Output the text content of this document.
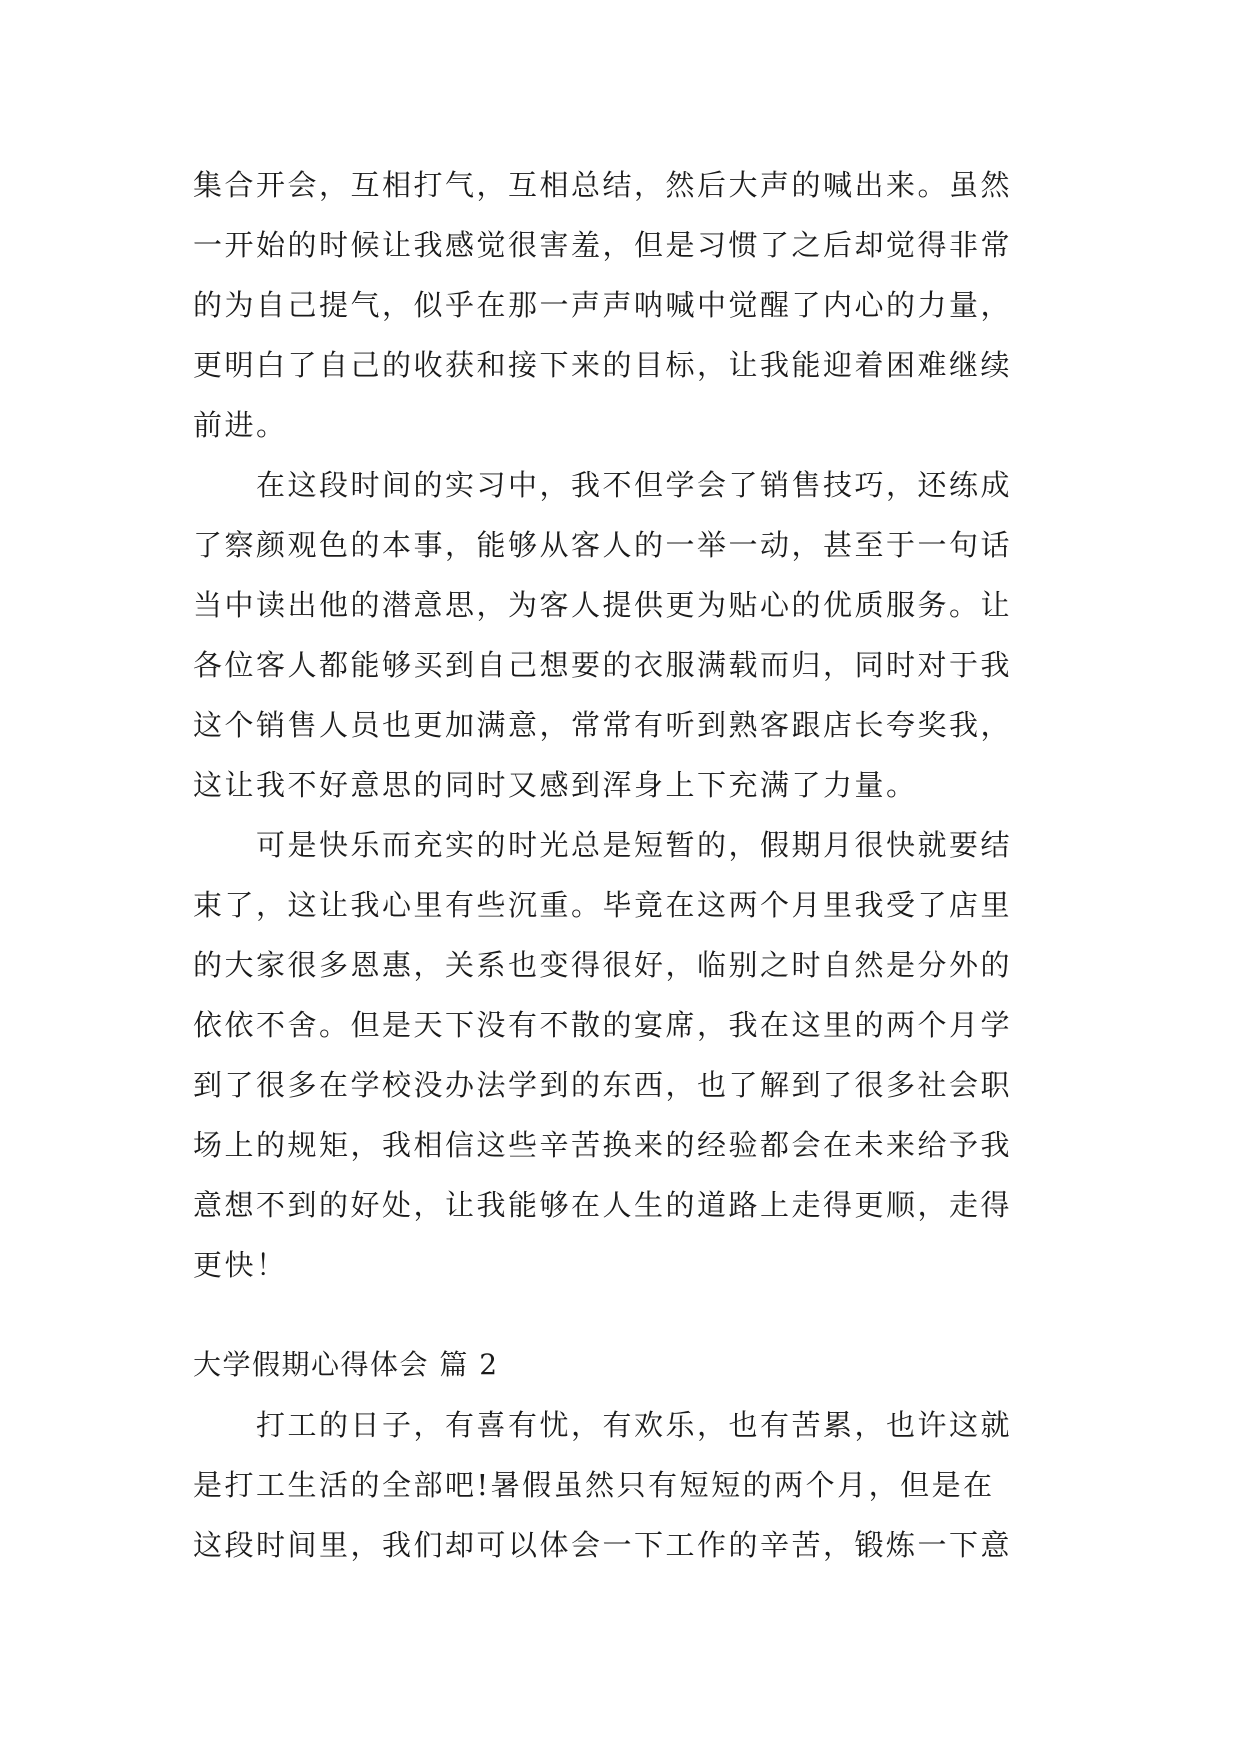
集合开会，互相打气，互相总结，然后大声的喊出来。虽然
一开始的时候让我感觉很害羞，但是习惯了之后却觉得非常
的为自己提气，似乎在那一声声呐喊中觉醒了内心的力量，
更明白了自己的收获和接下来的目标，让我能迎着困难继续
前进。
在这段时间的实习中，我不但学会了销售技巧，还练成
了察颜观色的本事，能够从客人的一举一动，甚至于一句话
当中读出他的潜意思，为客人提供更为贴心的优质服务。让
各位客人都能够买到自己想要的衣服满载而归，同时对于我
这个销售人员也更加满意，常常有听到熟客跟店长夸奖我，
这让我不好意思的同时又感到浑身上下充满了力量。
可是快乐而充实的时光总是短暂的，假期月很快就要结
束了，这让我心里有些沉重。毕竟在这两个月里我受了店里
的大家很多恩惠，关系也变得很好，临别之时自然是分外的
依依不舍。但是天下没有不散的宴席，我在这里的两个月学
到了很多在学校没办法学到的东西，也了解到了很多社会职
场上的规矩，我相信这些辛苦换来的经验都会在未来给予我
意想不到的好处，让我能够在人生的道路上走得更顺，走得
更快！
大学假期心得体会 篇 2
打工的日子，有喜有忧，有欢乐，也有苦累，也许这就
是打工生活的全部吧!暑假虽然只有短短的两个月，但是在
这段时间里，我们却可以体会一下工作的辛苦，锻炼一下意
